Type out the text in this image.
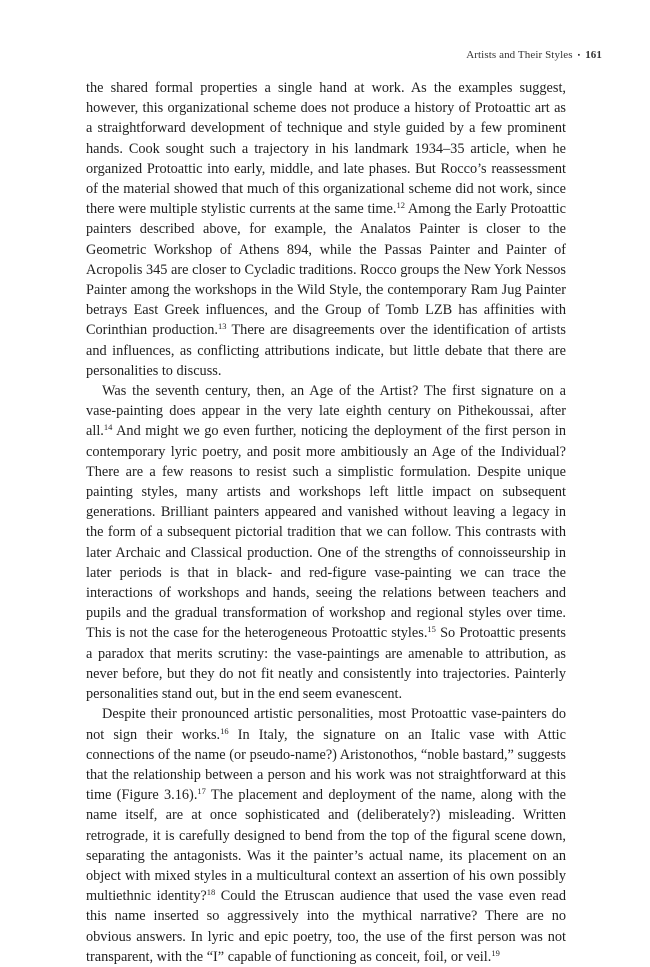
Artists and Their Styles ▪ 161

the shared formal properties a single hand at work. As the examples suggest, however, this organizational scheme does not produce a history of Protoattic art as a straightforward development of technique and style guided by a few prominent hands. Cook sought such a trajectory in his landmark 1934–35 article, when he organized Protoattic into early, middle, and late phases. But Rocco’s reassessment of the material showed that much of this organizational scheme did not work, since there were multiple stylistic currents at the same time.$^{12}$ Among the Early Protoattic painters described above, for example, the Analatos Painter is closer to the Geometric Workshop of Athens 894, while the Passas Painter and Painter of Acropolis 345 are closer to Cycladic traditions. Rocco groups the New York Nessos Painter among the workshops in the Wild Style, the contemporary Ram Jug Painter betrays East Greek influences, and the Group of Tomb LZB has affinities with Corinthian production.$^{13}$ There are disagreements over the identification of artists and influences, as conflicting attributions indicate, but little debate that there are personalities to discuss.

Was the seventh century, then, an Age of the Artist? The first signature on a vase-painting does appear in the very late eighth century on Pithekoussai, after all.$^{14}$ And might we go even further, noticing the deployment of the first person in contemporary lyric poetry, and posit more ambitiously an Age of the Individual? There are a few reasons to resist such a simplistic formulation. Despite unique painting styles, many artists and workshops left little impact on subsequent generations. Brilliant painters appeared and vanished without leaving a legacy in the form of a subsequent pictorial tradition that we can follow. This contrasts with later Archaic and Classical production. One of the strengths of connoisseurship in later periods is that in black- and red-figure vase-painting we can trace the interactions of workshops and hands, seeing the relations between teachers and pupils and the gradual transformation of workshop and regional styles over time. This is not the case for the heterogeneous Protoattic styles.$^{15}$ So Protoattic presents a paradox that merits scrutiny: the vase-paintings are amenable to attribution, as never before, but they do not fit neatly and consistently into trajectories. Painterly personalities stand out, but in the end seem evanescent.

Despite their pronounced artistic personalities, most Protoattic vase-painters do not sign their works.$^{16}$ In Italy, the signature on an Italic vase with Attic connections of the name (or pseudo-name?) Aristonothos, “noble bastard,” suggests that the relationship between a person and his work was not straightforward at this time (Figure 3.16).$^{17}$ The placement and deployment of the name, along with the name itself, are at once sophisticated and (deliberately?) misleading. Written retrograde, it is carefully designed to bend from the top of the figural scene down, separating the antagonists. Was it the painter’s actual name, its placement on an object with mixed styles in a multicultural context an assertion of his own possibly multiethnic identity?$^{18}$ Could the Etruscan audience that used the vase even read this name inserted so aggressively into the mythical narrative? There are no obvious answers. In lyric and epic poetry, too, the use of the first person was not transparent, with the “I” capable of functioning as conceit, foil, or veil.$^{19}$
